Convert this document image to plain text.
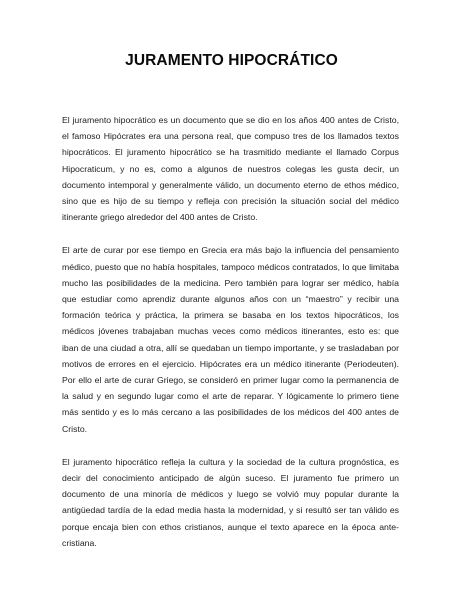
JURAMENTO HIPOCRÁTICO

El juramento hipocrático es un documento que se dio en los años 400 antes de Cristo, el famoso Hipócrates era una persona real, que compuso tres de los llamados textos hipocráticos. El juramento hipocrático se ha trasmitido mediante el llamado Corpus Hipocraticum, y no es, como a algunos de nuestros colegas les gusta decir, un documento intemporal y generalmente válido, un documento eterno de ethos médico, sino que es hijo de su tiempo y refleja con precisión la situación social del médico itinerante griego alrededor del 400 antes de Cristo.

El arte de curar por ese tiempo en Grecia era más bajo la influencia del pensamiento médico, puesto que no había hospitales, tampoco médicos contratados, lo que limitaba mucho las posibilidades de la medicina. Pero también para lograr ser médico, había que estudiar como aprendiz durante algunos años con un “maestro” y recibir una formación teórica y práctica, la primera se basaba en los textos hipocráticos, los médicos jóvenes trabajaban muchas veces como médicos itinerantes, esto es: que iban de una ciudad a otra, allí se quedaban un tiempo importante, y se trasladaban por motivos de errores en el ejercicio. Hipócrates era un médico itinerante (Periodeuten). Por ello el arte de curar Griego, se consideró en primer lugar como la permanencia de la salud y en segundo lugar como el arte de reparar. Y lógicamente lo primero tiene más sentido y es lo más cercano a las posibilidades de los médicos del 400 antes de Cristo.

El juramento hipocrático refleja la cultura y la sociedad de la cultura prognóstica, es decir del conocimiento anticipado de algún suceso. El juramento fue primero un documento de una minoría de médicos y luego se volvió muy popular durante la antigüedad tardía de la edad media hasta la modernidad, y si resultó ser tan válido es porque encaja bien con ethos cristianos, aunque el texto aparece en la época ante-cristiana.
